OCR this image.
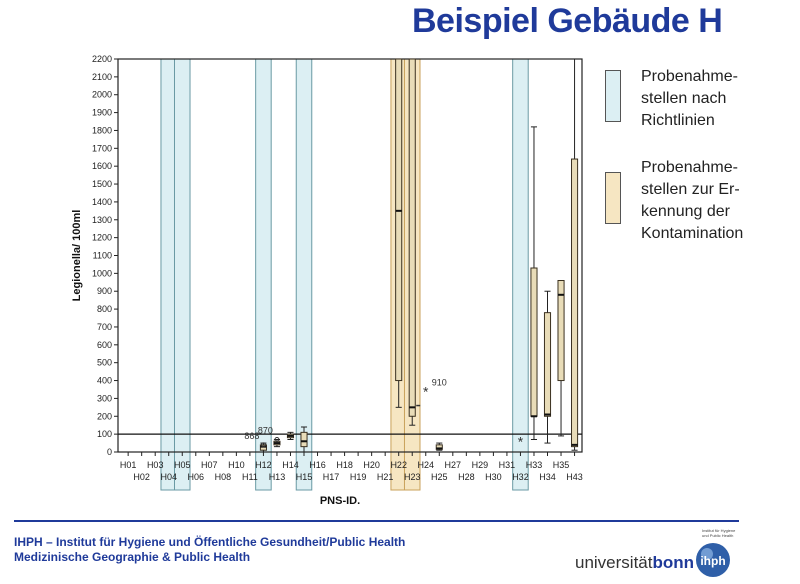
Beispiel Gebäude H
0
100
200
300
400
500
600
700
800
900
1000
1100
1200
1300
1400
1500
1600
1700
1800
1900
2000
2100
2200
H01
H02
H03
H04
H05
H06
H07
H08
H10
H11
H12
H13
H14
H15
H16
H17
H18
H19
H20
H21
H22
H23
H24
H25
H27
H28
H29
H30
H31
H32
H33
H34
H35
H43
PNS-ID.
Legionella/ 100ml
868
870
*
910
*
Probenahme-
stellen nach
Richtlinien
Probenahme-
stellen zur Er-
kennung der
Kontamination
IHPH – Institut für Hygiene und Öffentliche Gesundheit/Public Health
Medizinische Geographie & Public Health	universitätbonn
Institut für Hygiene
und Public Health
ihph
